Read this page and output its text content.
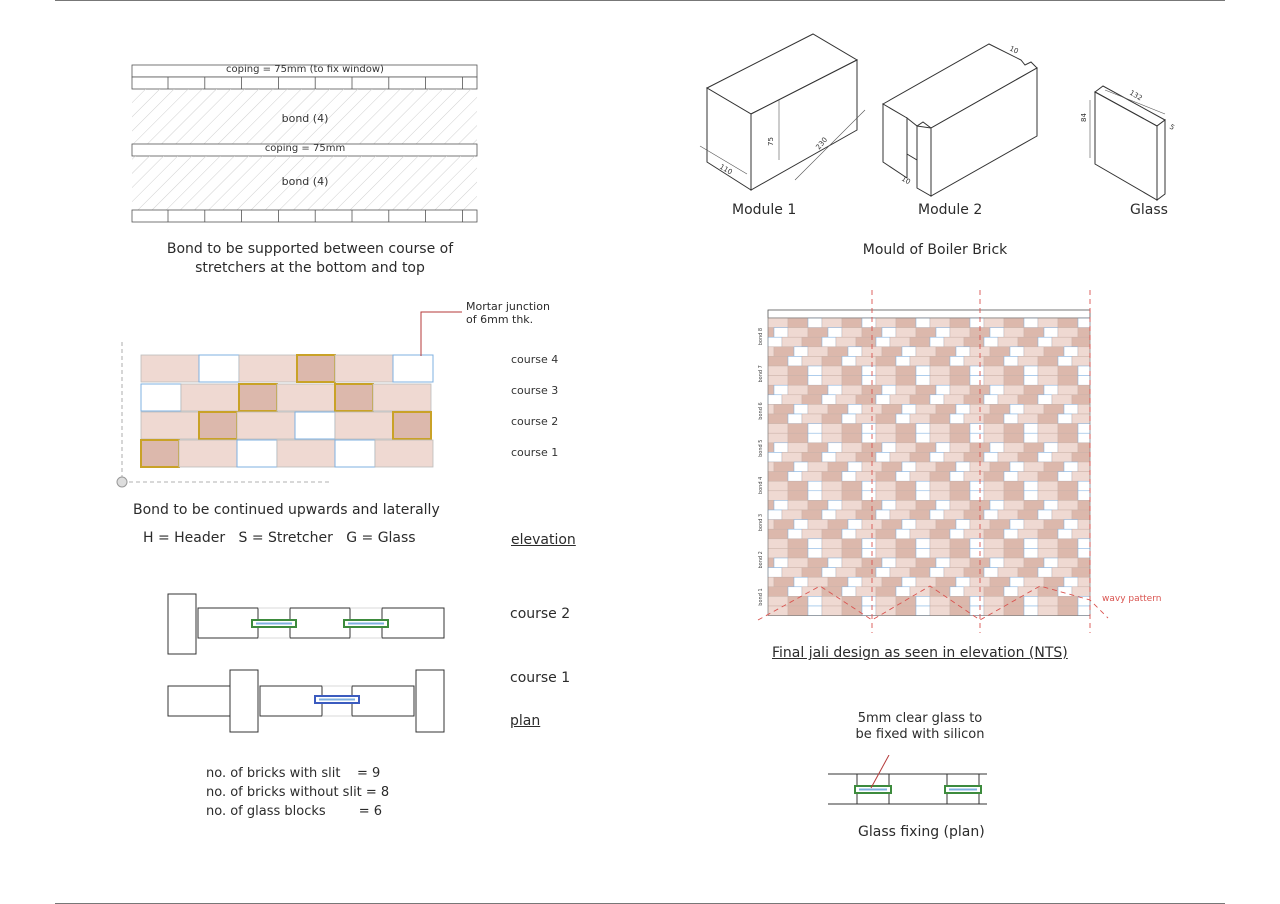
coping = 75mm (to fix window)
bond (4)
coping = 75mm
bond (4)
Bond to be supported between course of stretchers at the bottom and top
110
75	230
10
10
84
132
5
Module 1	Module 2	Glass
Mould of Boiler Brick
Mortar junction
of 6mm thk.
course 4
course 3
course 2
course 1
Bond to be continued upwards and laterally
H = Header   S = Stretcher   G = Glass	elevation
course 2
course 1
plan
no. of bricks with slit    = 9
no. of bricks without slit = 8
no. of glass blocks        = 6
bond 1
bond 2
bond 3
bond 4
bond 5
bond 6
bond 7
bond 8
wavy pattern
Final jali design as seen in elevation (NTS)
5mm clear glass to
be fixed with silicon
Glass fixing (plan)
